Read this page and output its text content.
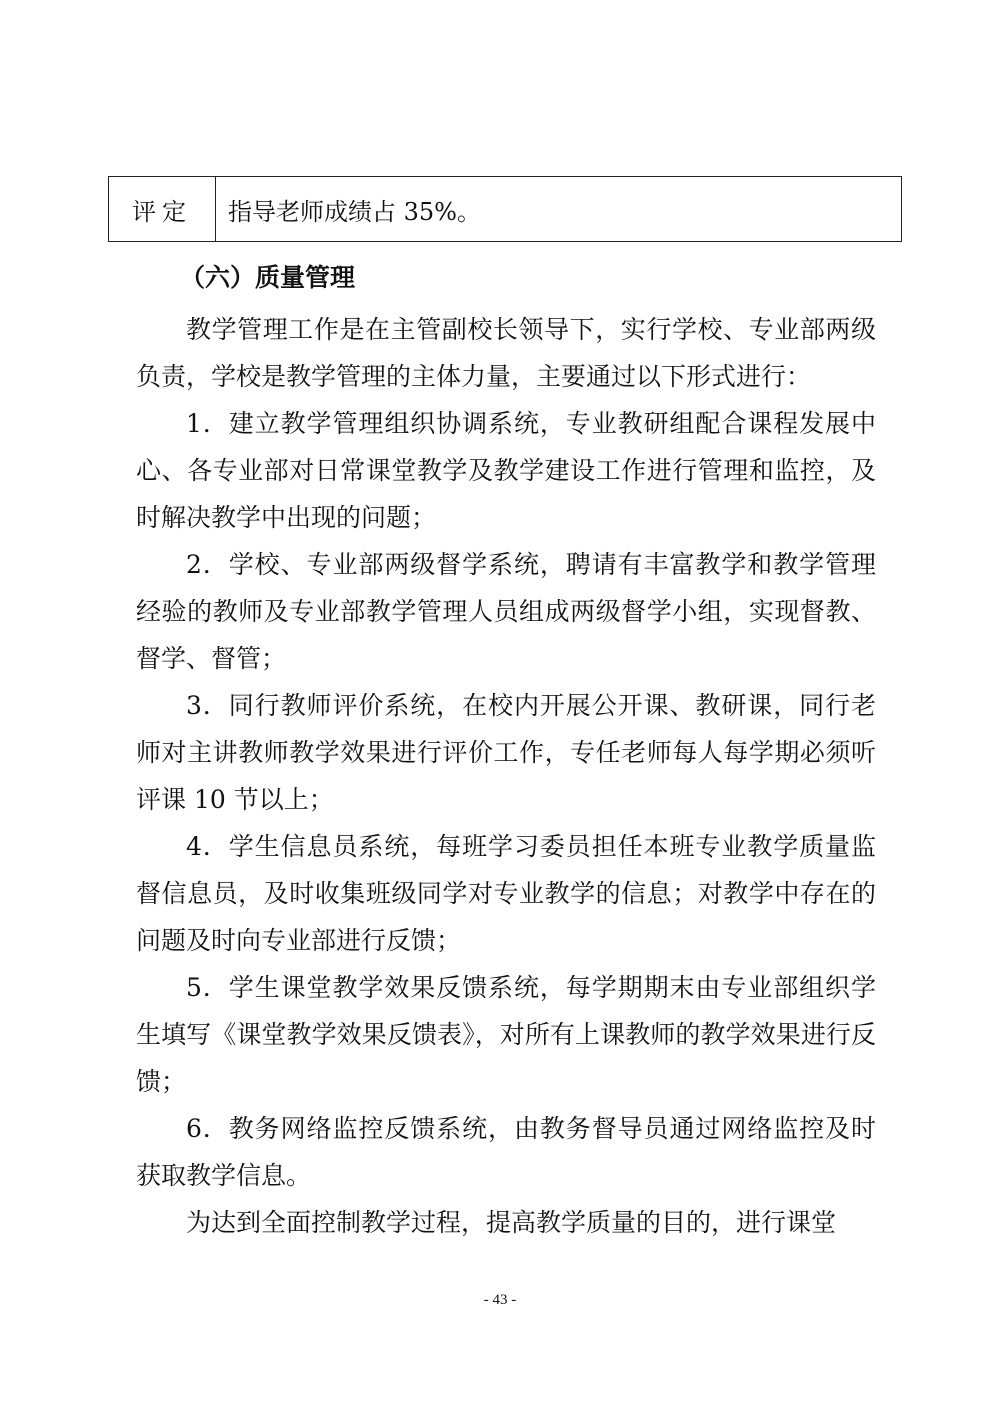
评定	指导老师成绩占 35%。
（六）质量管理

教学管理工作是在主管副校长领导下，实行学校、专业部两级负责，学校是教学管理的主体力量，主要通过以下形式进行：

1．建立教学管理组织协调系统，专业教研组配合课程发展中心、各专业部对日常课堂教学及教学建设工作进行管理和监控，及时解决教学中出现的问题；

2．学校、专业部两级督学系统，聘请有丰富教学和教学管理经验的教师及专业部教学管理人员组成两级督学小组，实现督教、督学、督管；

3．同行教师评价系统，在校内开展公开课、教研课，同行老师对主讲教师教学效果进行评价工作，专任老师每人每学期必须听评课 10 节以上；

4．学生信息员系统，每班学习委员担任本班专业教学质量监督信息员，及时收集班级同学对专业教学的信息；对教学中存在的问题及时向专业部进行反馈；

5．学生课堂教学效果反馈系统，每学期期末由专业部组织学生填写《课堂教学效果反馈表》，对所有上课教师的教学效果进行反馈；

6．教务网络监控反馈系统，由教务督导员通过网络监控及时获取教学信息。

为达到全面控制教学过程，提高教学质量的目的，进行课堂

- 43 -
